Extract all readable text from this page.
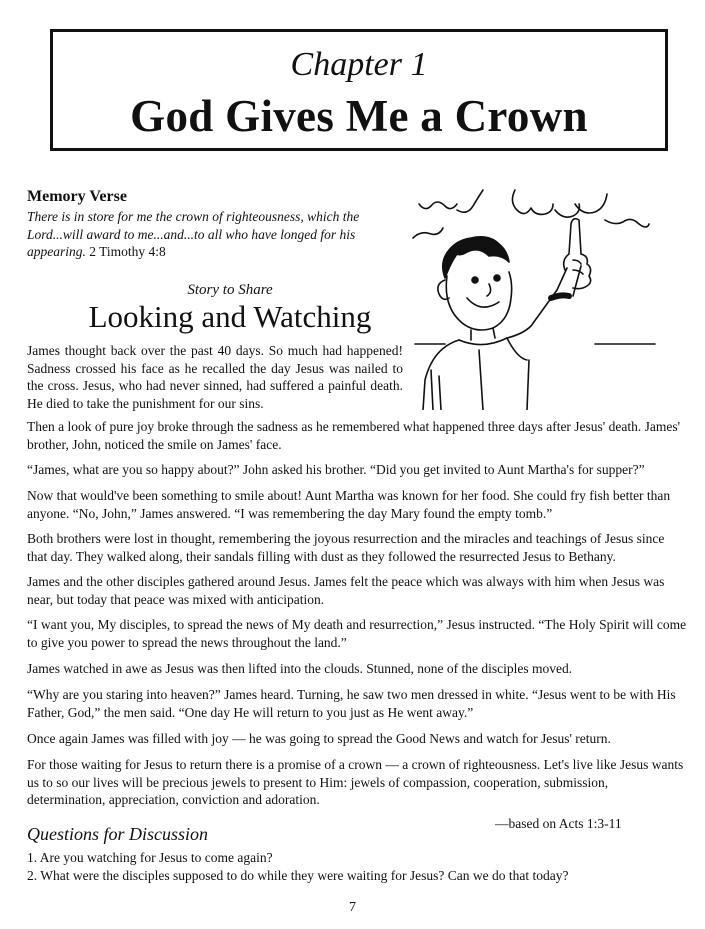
Chapter 1
God Gives Me a Crown
Memory Verse
There is in store for me the crown of righteousness, which the Lord...will award to me...and...to all who have longed for his appearing. 2 Timothy 4:8
Story to Share
Looking and Watching

James thought back over the past 40 days. So much had happened! Sadness crossed his face as he recalled the day Jesus was nailed to the cross. Jesus, who had never sinned, had suffered a painful death. He died to take the punishment for our sins.

Then a look of pure joy broke through the sadness as he remembered what happened three days after Jesus' death. James' brother, John, noticed the smile on James' face.

“James, what are you so happy about?” John asked his brother. “Did you get invited to Aunt Martha's for supper?”

Now that would've been something to smile about! Aunt Martha was known for her food. She could fry fish better than anyone. “No, John,” James answered. “I was remembering the day Mary found the empty tomb.”

Both brothers were lost in thought, remembering the joyous resurrection and the miracles and teachings of Jesus since that day. They walked along, their sandals filling with dust as they followed the resurrected Jesus to Bethany.

James and the other disciples gathered around Jesus. James felt the peace which was always with him when Jesus was near, but today that peace was mixed with anticipation.

“I want you, My disciples, to spread the news of My death and resurrection,” Jesus instructed. “The Holy Spirit will come to give you power to spread the news throughout the land.”

James watched in awe as Jesus was then lifted into the clouds. Stunned, none of the disciples moved.

“Why are you staring into heaven?” James heard. Turning, he saw two men dressed in white. “Jesus went to be with His Father, God,” the men said. “One day He will return to you just as He went away.”

Once again James was filled with joy — he was going to spread the Good News and watch for Jesus' return.

For those waiting for Jesus to return there is a promise of a crown — a crown of righteousness. Let's live like Jesus wants us to so our lives will be precious jewels to present to Him: jewels of compassion, cooperation, submission, determination, appreciation, conviction and adoration.

—based on Acts 1:3-11
Questions for Discussion
1. Are you watching for Jesus to come again?
2. What were the disciples supposed to do while they were waiting for Jesus? Can we do that today?
7
